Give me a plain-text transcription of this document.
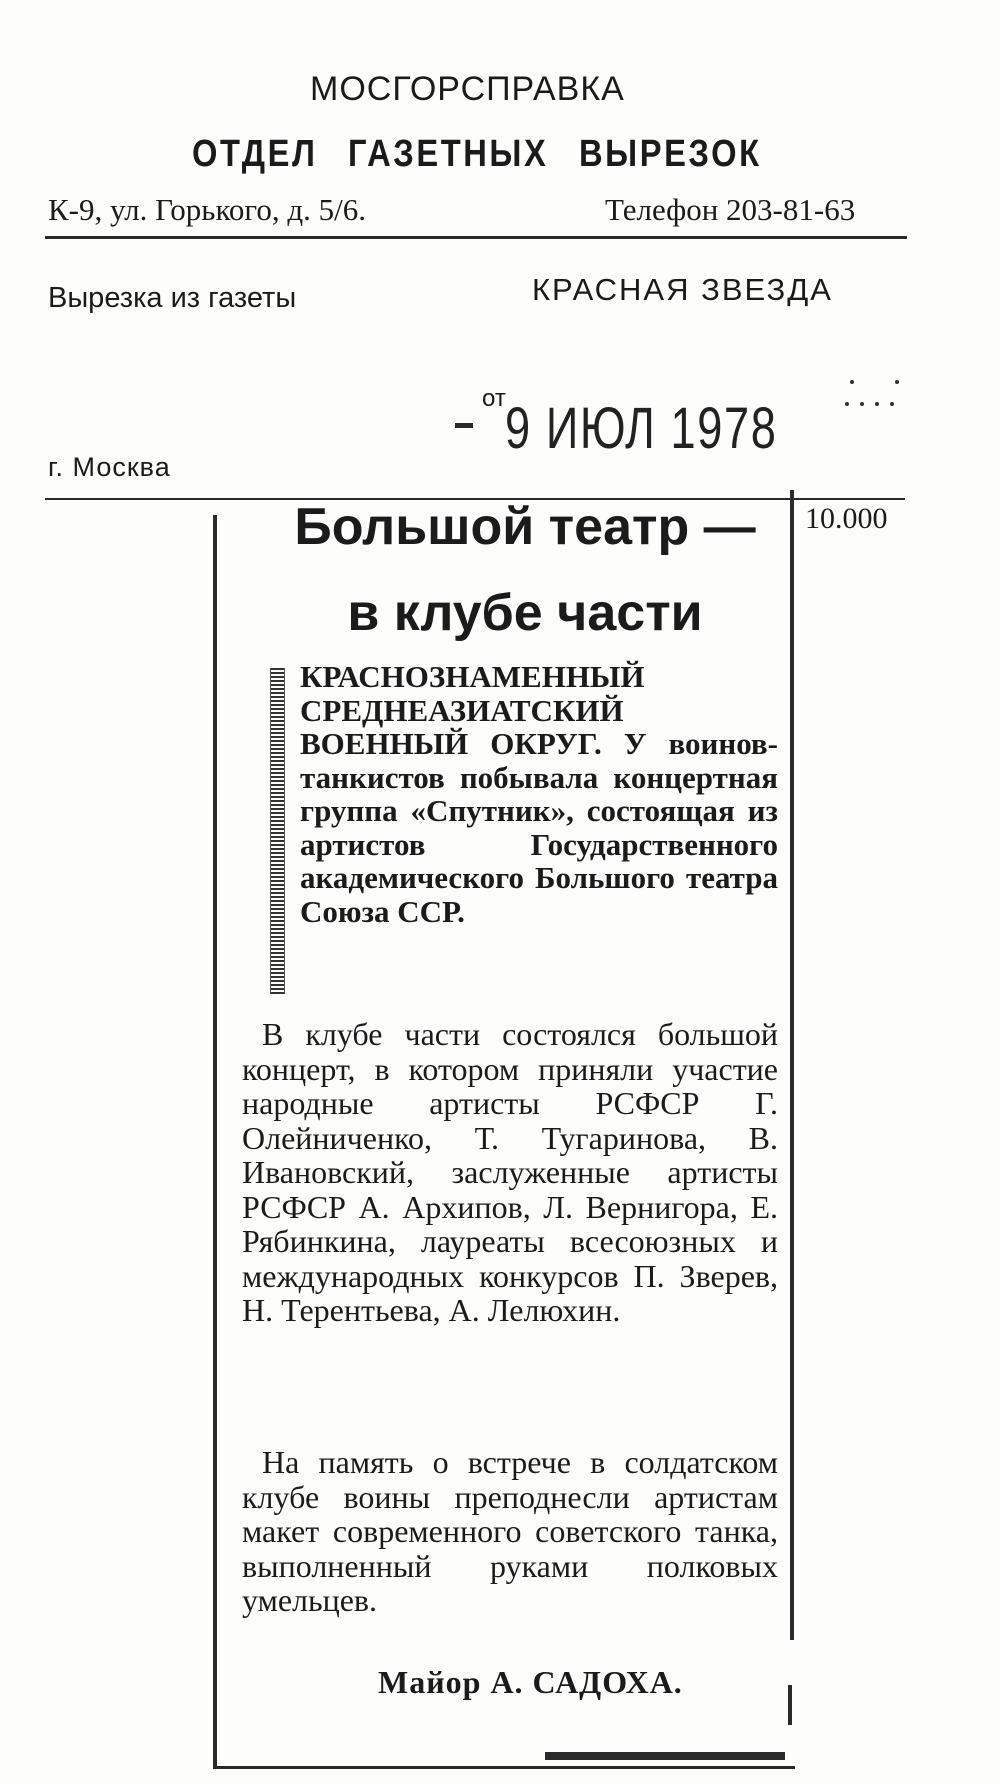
МОСГОРСПРАВКА
ОТДЕЛ ГАЗЕТНЫХ ВЫРЕЗОК
К-9, ул. Горького, д. 5/6.	Телефон 203-81-63
Вырезка из газеты	КРАСНАЯ ЗВЕЗДА
от 9 ИЮЛ 1978
г. Москва
10.000
Большой театр —
в клубе части
КРАСНОЗНАМЕННЫЙ СРЕДНЕАЗИАТСКИЙ ВОЕННЫЙ ОКРУГ. У воинов-танкистов побывала концертная группа «Спутник», состоящая из артистов Государственного академического Большого театра Союза ССР.
В клубе части состоялся большой концерт, в котором приняли участие народные артисты РСФСР Г. Олейниченко, Т. Тугаринова, В. Ивановский, заслуженные артисты РСФСР А. Архипов, Л. Вернигора, Е. Рябинкина, лауреаты всесоюзных и международных конкурсов П. Зверев, Н. Терентьева, А. Лелюхин.
На память о встрече в солдатском клубе воины преподнесли артистам макет современного советского танка, выполненный руками полковых умельцев.
Майор А. САДОХА.
